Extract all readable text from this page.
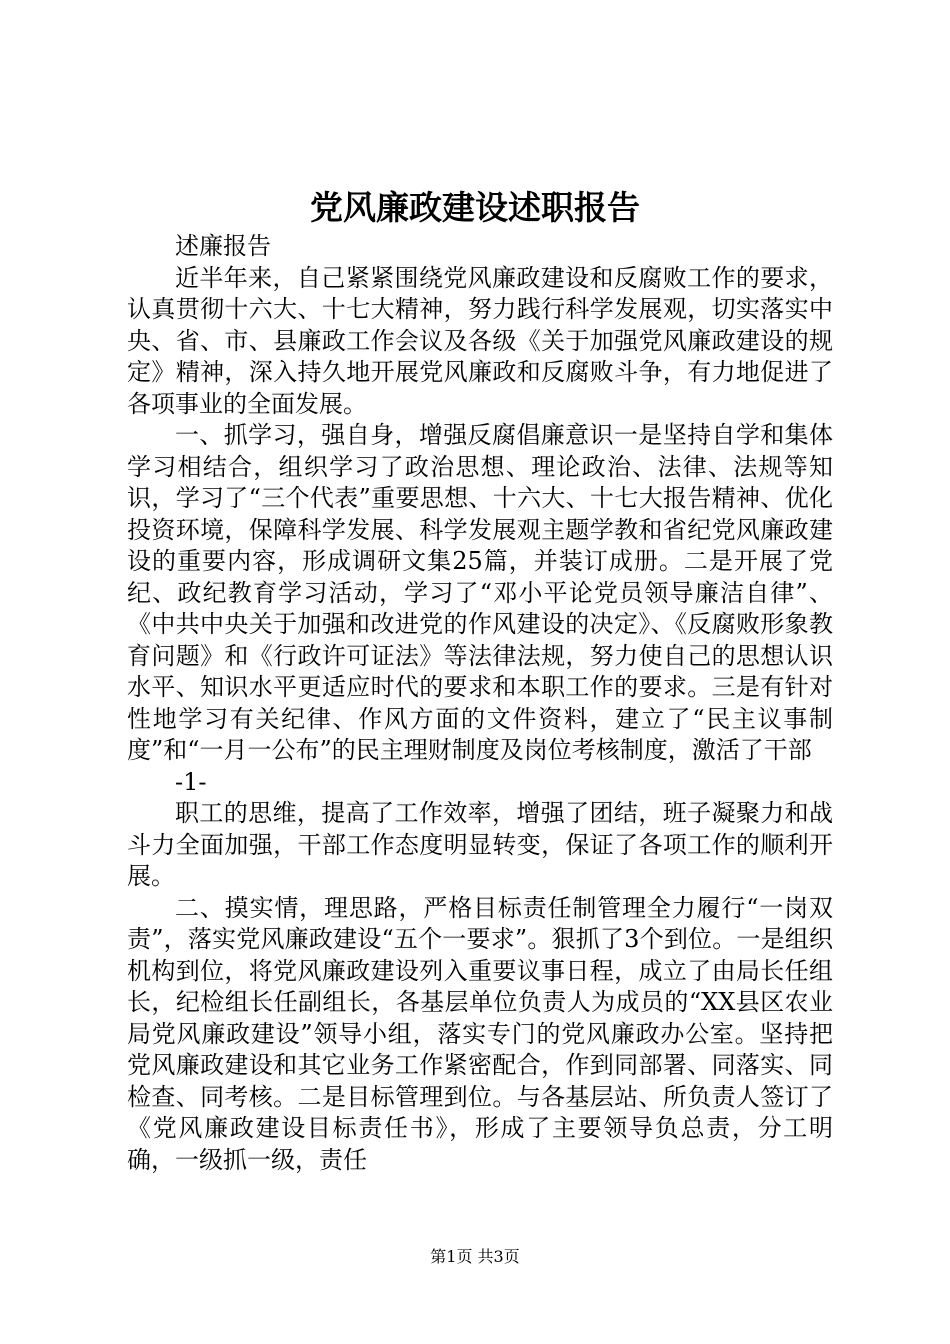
党风廉政建设述职报告

述廉报告

近半年来，自己紧紧围绕党风廉政建设和反腐败工作的要求，认真贯彻十六大、十七大精神，努力践行科学发展观，切实落实中央、省、市、县廉政工作会议及各级《关于加强党风廉政建设的规定》精神，深入持久地开展党风廉政和反腐败斗争，有力地促进了各项事业的全面发展。

一、抓学习，强自身，增强反腐倡廉意识一是坚持自学和集体学习相结合，组织学习了政治思想、理论政治、法律、法规等知识，学习了“三个代表”重要思想、十六大、十七大报告精神、优化投资环境，保障科学发展、科学发展观主题学教和省纪党风廉政建设的重要内容，形成调研文集25篇，并装订成册。二是开展了党纪、政纪教育学习活动，学习了“邓小平论党员领导廉洁自律”、《中共中央关于加强和改进党的作风建设的决定》、《反腐败形象教育问题》和《行政许可证法》等法律法规，努力使自己的思想认识水平、知识水平更适应时代的要求和本职工作的要求。三是有针对性地学习有关纪律、作风方面的文件资料，建立了“民主议事制度”和“一月一公布”的民主理财制度及岗位考核制度，激活了干部

-1-

职工的思维，提高了工作效率，增强了团结，班子凝聚力和战斗力全面加强，干部工作态度明显转变，保证了各项工作的顺利开展。

二、摸实情，理思路，严格目标责任制管理全力履行“一岗双责”，落实党风廉政建设“五个一要求”。狠抓了3个到位。一是组织机构到位，将党风廉政建设列入重要议事日程，成立了由局长任组长，纪检组长任副组长，各基层单位负责人为成员的“XX县区农业局党风廉政建设”领导小组，落实专门的党风廉政办公室。坚持把党风廉政建设和其它业务工作紧密配合，作到同部署、同落实、同检查、同考核。二是目标管理到位。与各基层站、所负责人签订了《党风廉政建设目标责任书》，形成了主要领导负总责，分工明确，一级抓一级，责任

第1页 共3页
